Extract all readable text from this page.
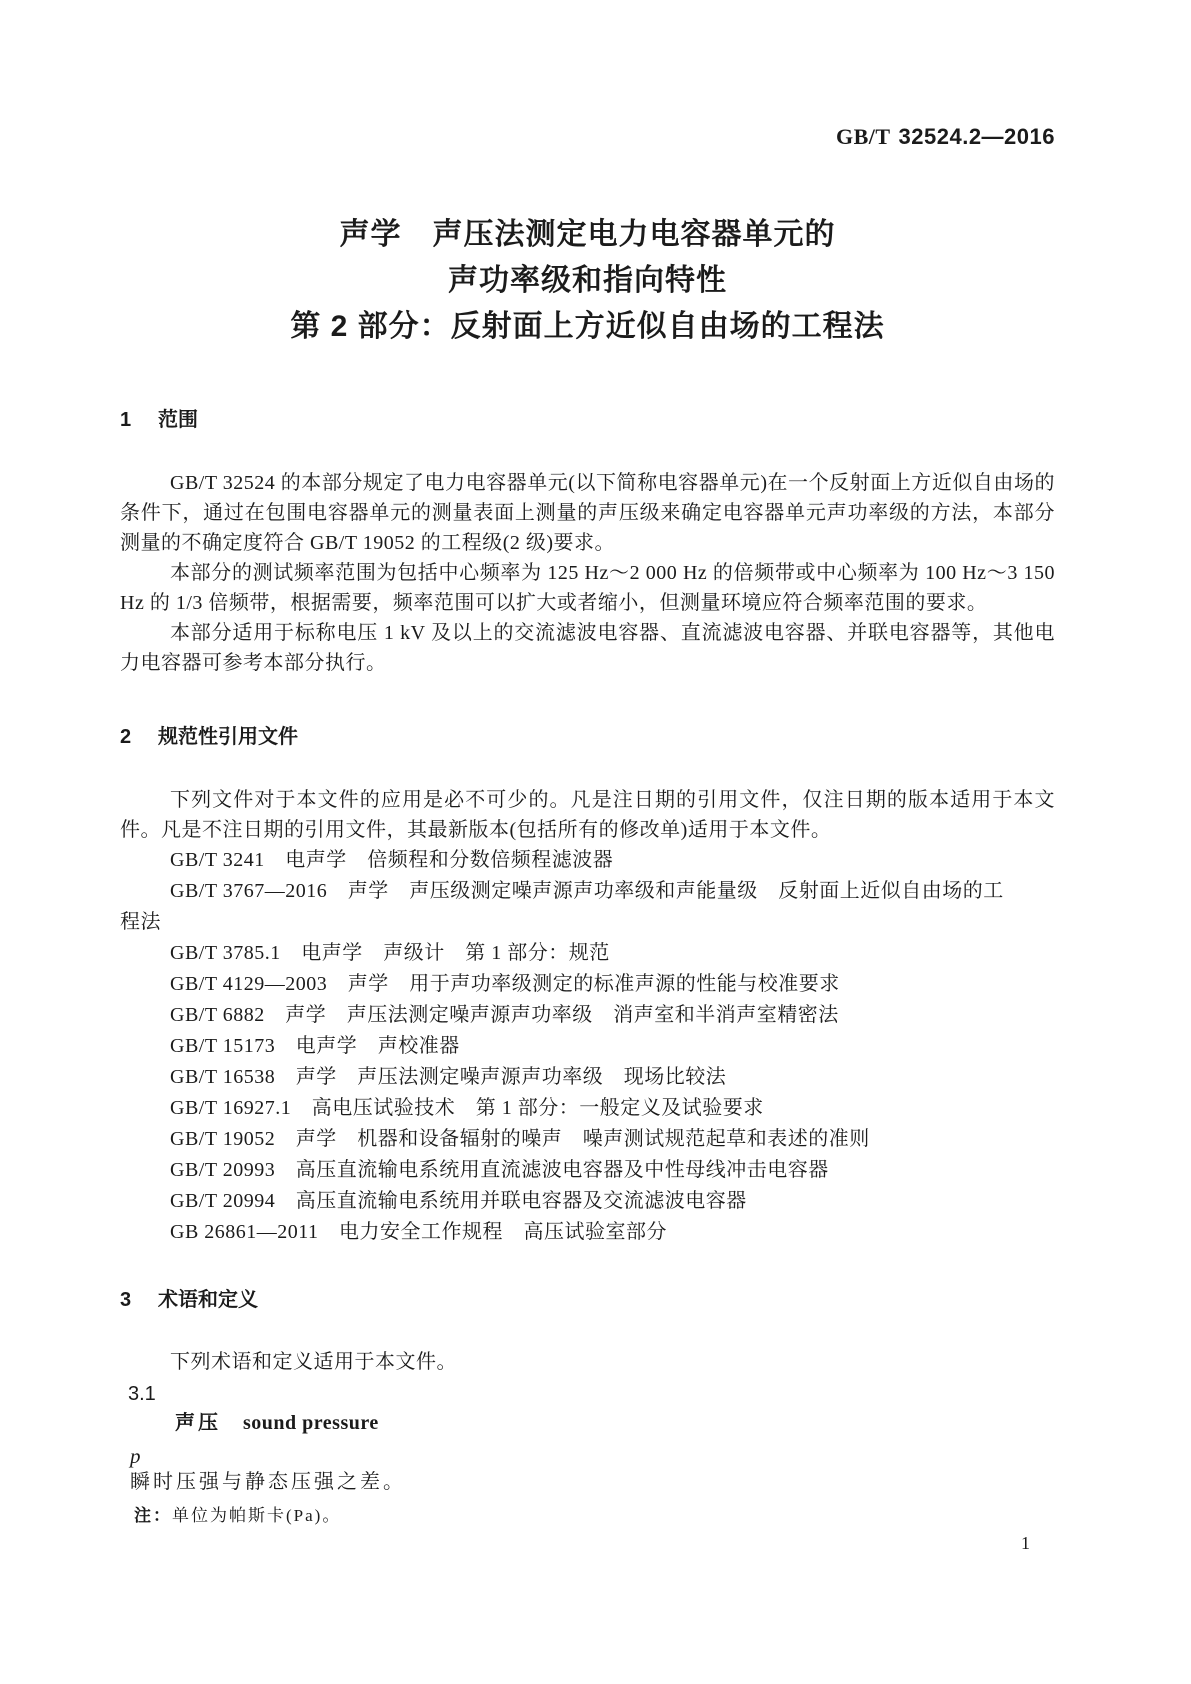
GB/T 32524.2—2016
声学　声压法测定电力电容器单元的
声功率级和指向特性
第 2 部分：反射面上方近似自由场的工程法
1 范围

GB/T 32524 的本部分规定了电力电容器单元(以下简称电容器单元)在一个反射面上方近似自由场的条件下，通过在包围电容器单元的测量表面上测量的声压级来确定电容器单元声功率级的方法，本部分测量的不确定度符合 GB/T 19052 的工程级(2 级)要求。

本部分的测试频率范围为包括中心频率为 125 Hz～2 000 Hz 的倍频带或中心频率为 100 Hz～3 150 Hz 的 1/3 倍频带，根据需要，频率范围可以扩大或者缩小，但测量环境应符合频率范围的要求。

本部分适用于标称电压 1 kV 及以上的交流滤波电容器、直流滤波电容器、并联电容器等，其他电力电容器可参考本部分执行。

2 规范性引用文件

下列文件对于本文件的应用是必不可少的。凡是注日期的引用文件，仅注日期的版本适用于本文件。凡是不注日期的引用文件，其最新版本(包括所有的修改单)适用于本文件。

GB/T 3241　电声学　倍频程和分数倍频程滤波器
GB/T 3767—2016　声学　声压级测定噪声源声功率级和声能量级　反射面上近似自由场的工
程法
GB/T 3785.1　电声学　声级计　第 1 部分：规范
GB/T 4129—2003　声学　用于声功率级测定的标准声源的性能与校准要求
GB/T 6882　声学　声压法测定噪声源声功率级　消声室和半消声室精密法
GB/T 15173　电声学　声校准器
GB/T 16538　声学　声压法测定噪声源声功率级　现场比较法
GB/T 16927.1　高电压试验技术　第 1 部分：一般定义及试验要求
GB/T 19052　声学　机器和设备辐射的噪声　噪声测试规范起草和表述的准则
GB/T 20993　高压直流输电系统用直流滤波电容器及中性母线冲击电容器
GB/T 20994　高压直流输电系统用并联电容器及交流滤波电容器
GB 26861—2011　电力安全工作规程　高压试验室部分
3 术语和定义

下列术语和定义适用于本文件。

3.1
声压 sound pressure
p
瞬时压强与静态压强之差。
注：单位为帕斯卡(Pa)。
1
